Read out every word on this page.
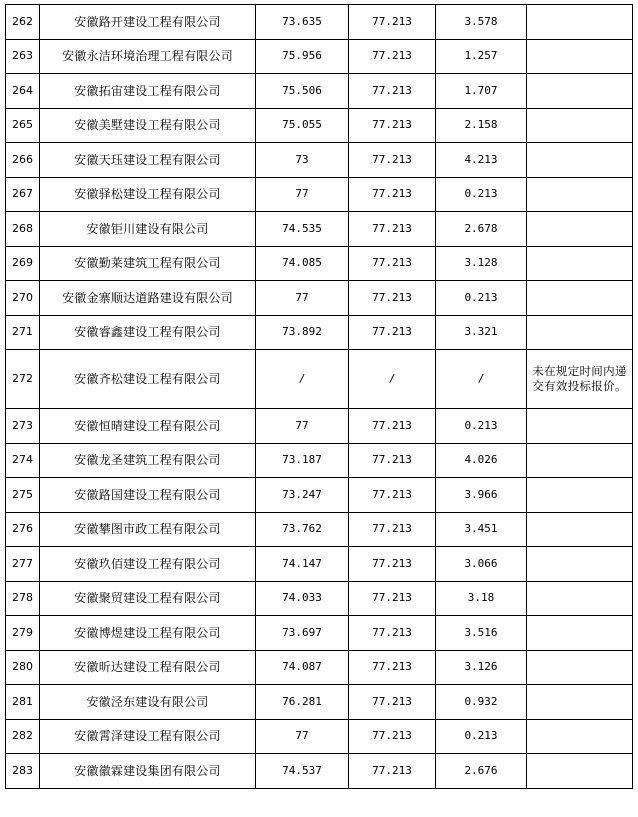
262	安徽路开建设工程有限公司	73.635	77.213	3.578	
263	安徽永洁环境治理工程有限公司	75.956	77.213	1.257	
264	安徽拓宙建设工程有限公司	75.506	77.213	1.707	
265	安徽美墅建设工程有限公司	75.055	77.213	2.158	
266	安徽天珏建设工程有限公司	73	77.213	4.213	
267	安徽驿松建设工程有限公司	77	77.213	0.213	
268	安徽钜川建设有限公司	74.535	77.213	2.678	
269	安徽勤莱建筑工程有限公司	74.085	77.213	3.128	
270	安徽金寨顺达道路建设有限公司	77	77.213	0.213	
271	安徽睿鑫建设工程有限公司	73.892	77.213	3.321	
272	安徽齐松建设工程有限公司	/	/	/	未在规定时间内递交有效投标报价。
273	安徽恒晴建设工程有限公司	77	77.213	0.213	
274	安徽龙圣建筑工程有限公司	73.187	77.213	4.026	
275	安徽路国建设工程有限公司	73.247	77.213	3.966	
276	安徽攀图市政工程有限公司	73.762	77.213	3.451	
277	安徽玖佰建设工程有限公司	74.147	77.213	3.066	
278	安徽聚贸建设工程有限公司	74.033	77.213	3.18	
279	安徽博煜建设工程有限公司	73.697	77.213	3.516	
280	安徽昕达建设工程有限公司	74.087	77.213	3.126	
281	安徽泾东建设有限公司	76.281	77.213	0.932	
282	安徽霄泽建设工程有限公司	77	77.213	0.213	
283	安徽徽霖建设集团有限公司	74.537	77.213	2.676	
